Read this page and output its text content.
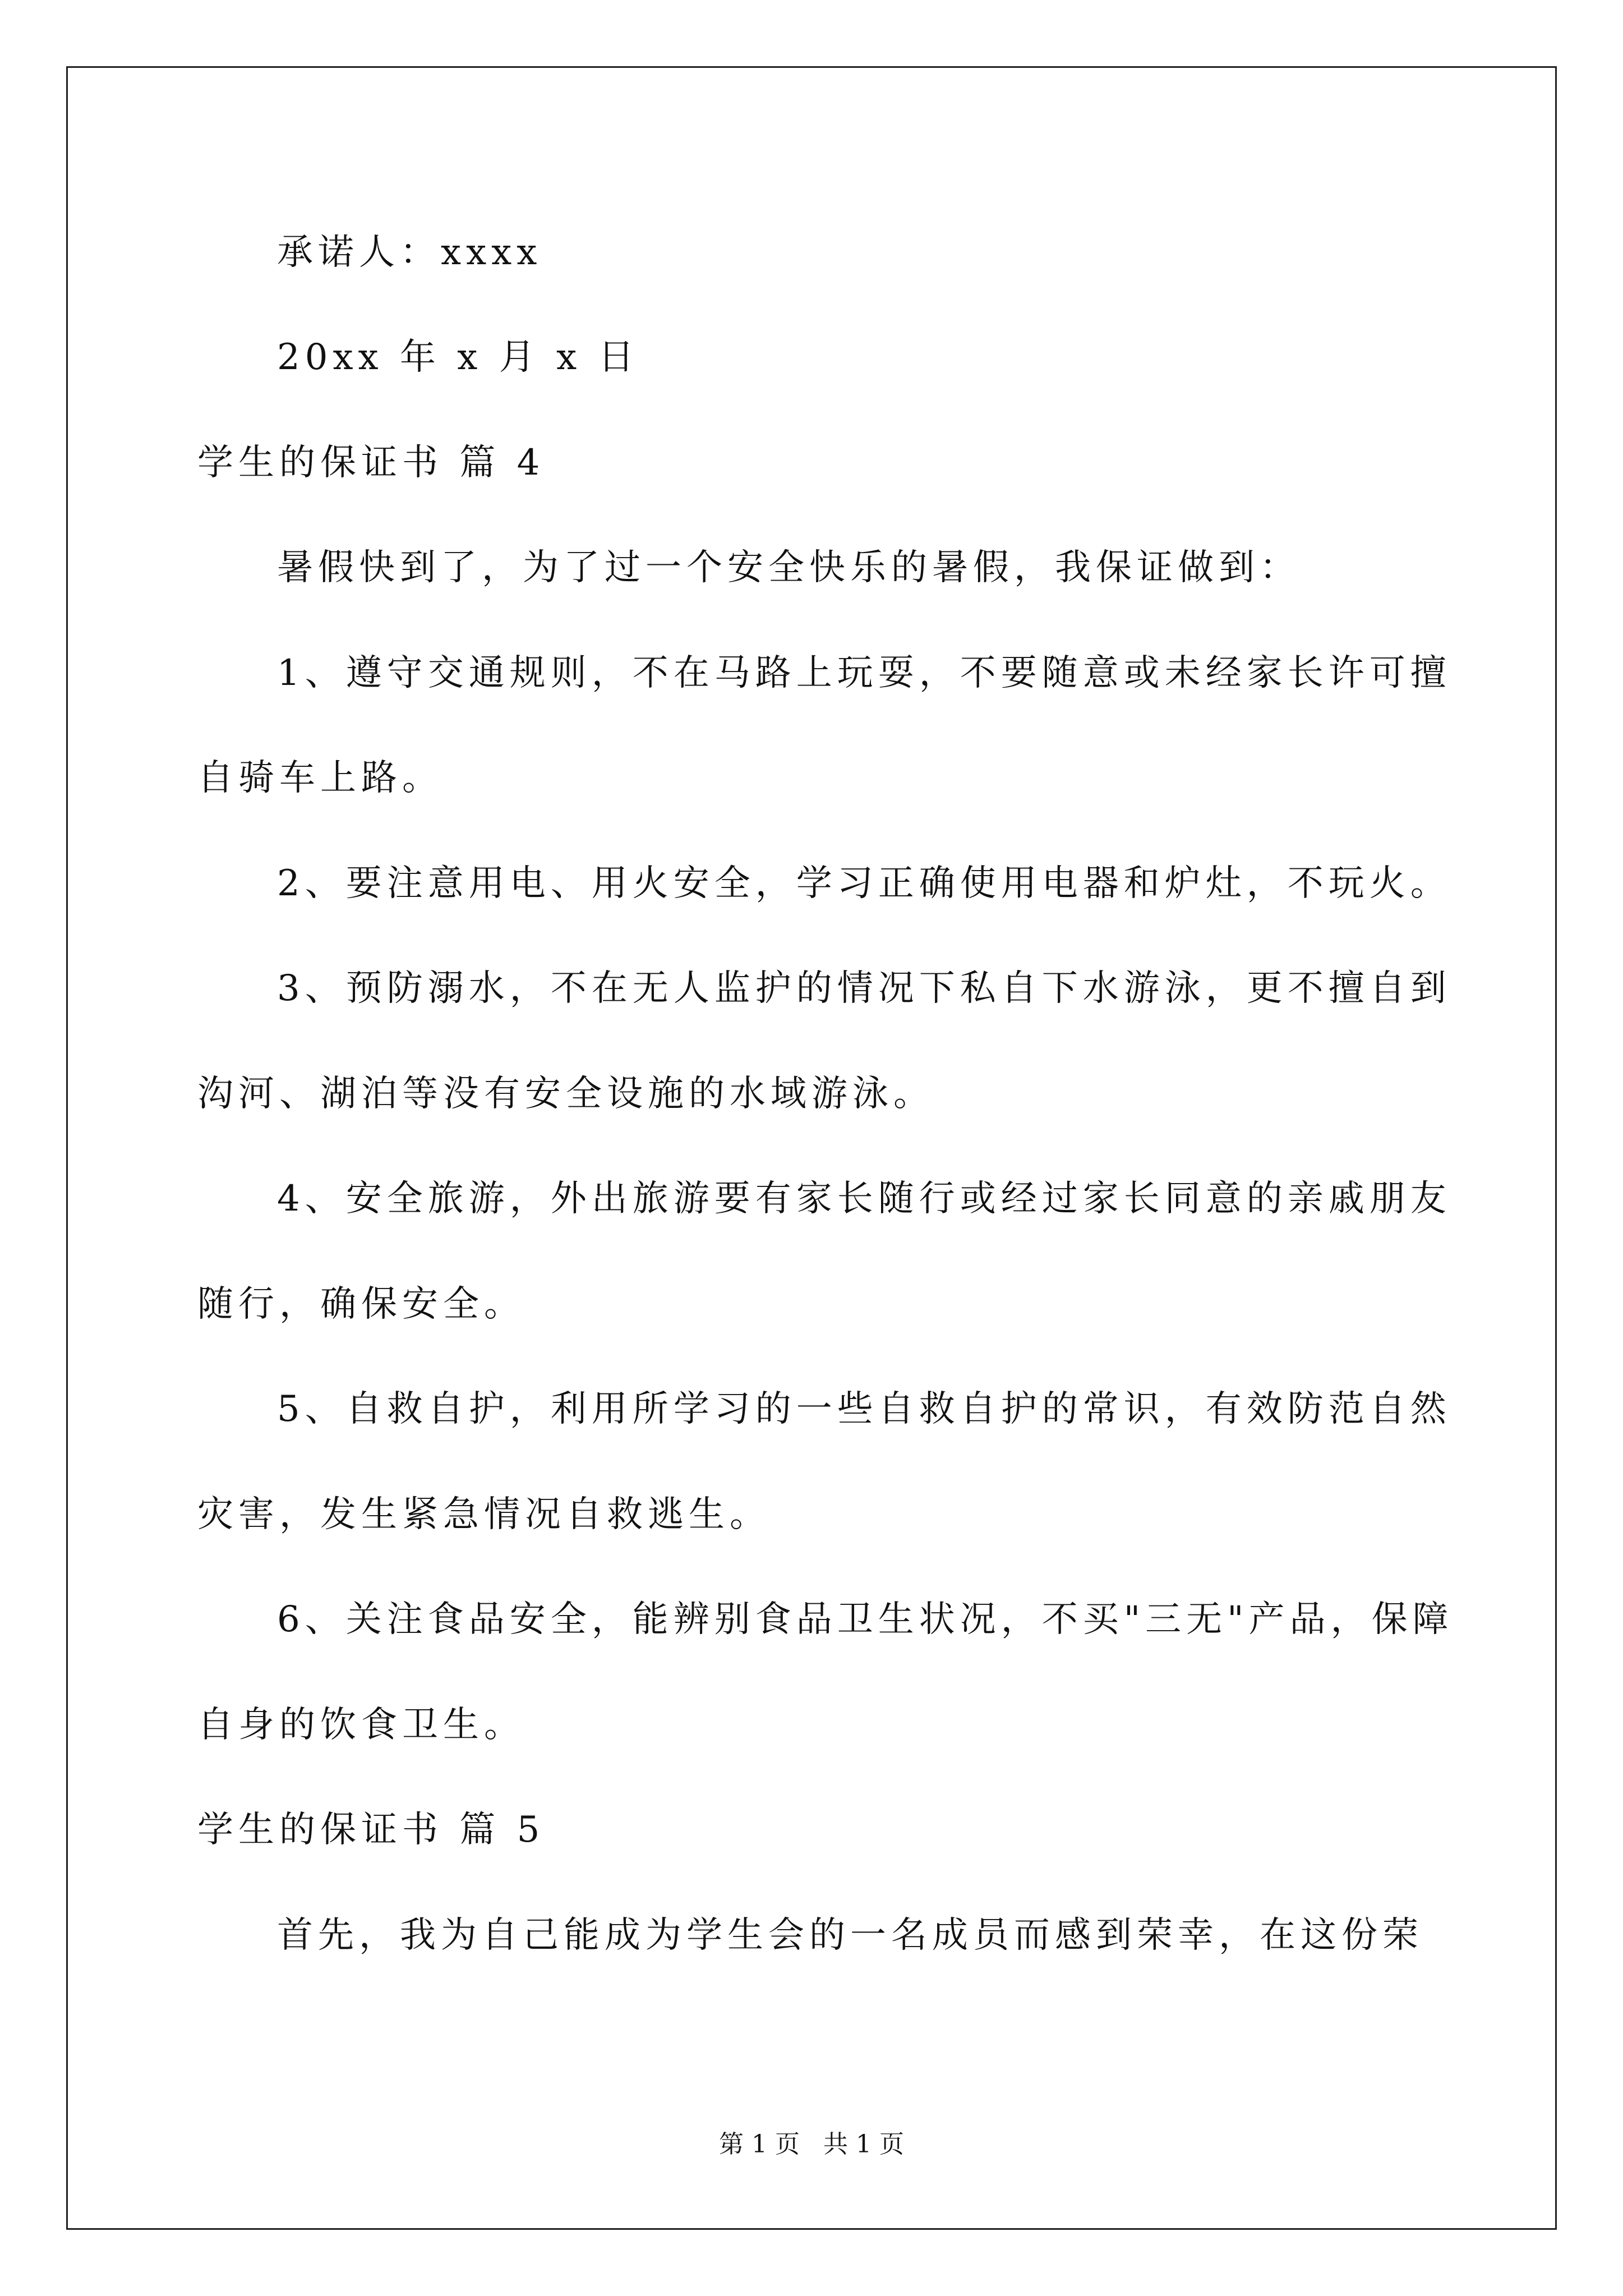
承诺人：xxxx
20xx 年 x 月 x 日
学生的保证书 篇 4
暑假快到了，为了过一个安全快乐的暑假，我保证做到：
1、遵守交通规则，不在马路上玩耍，不要随意或未经家长许可擅
自骑车上路。
2、要注意用电、用火安全，学习正确使用电器和炉灶，不玩火。
3、预防溺水，不在无人监护的情况下私自下水游泳，更不擅自到
沟河、湖泊等没有安全设施的水域游泳。
4、安全旅游，外出旅游要有家长随行或经过家长同意的亲戚朋友
随行，确保安全。
5、自救自护，利用所学习的一些自救自护的常识，有效防范自然
灾害，发生紧急情况自救逃生。
6、关注食品安全，能辨别食品卫生状况，不买"三无"产品，保障
自身的饮食卫生。
学生的保证书 篇 5
首先，我为自己能成为学生会的一名成员而感到荣幸，在这份荣
第 1 页   共 1 页
